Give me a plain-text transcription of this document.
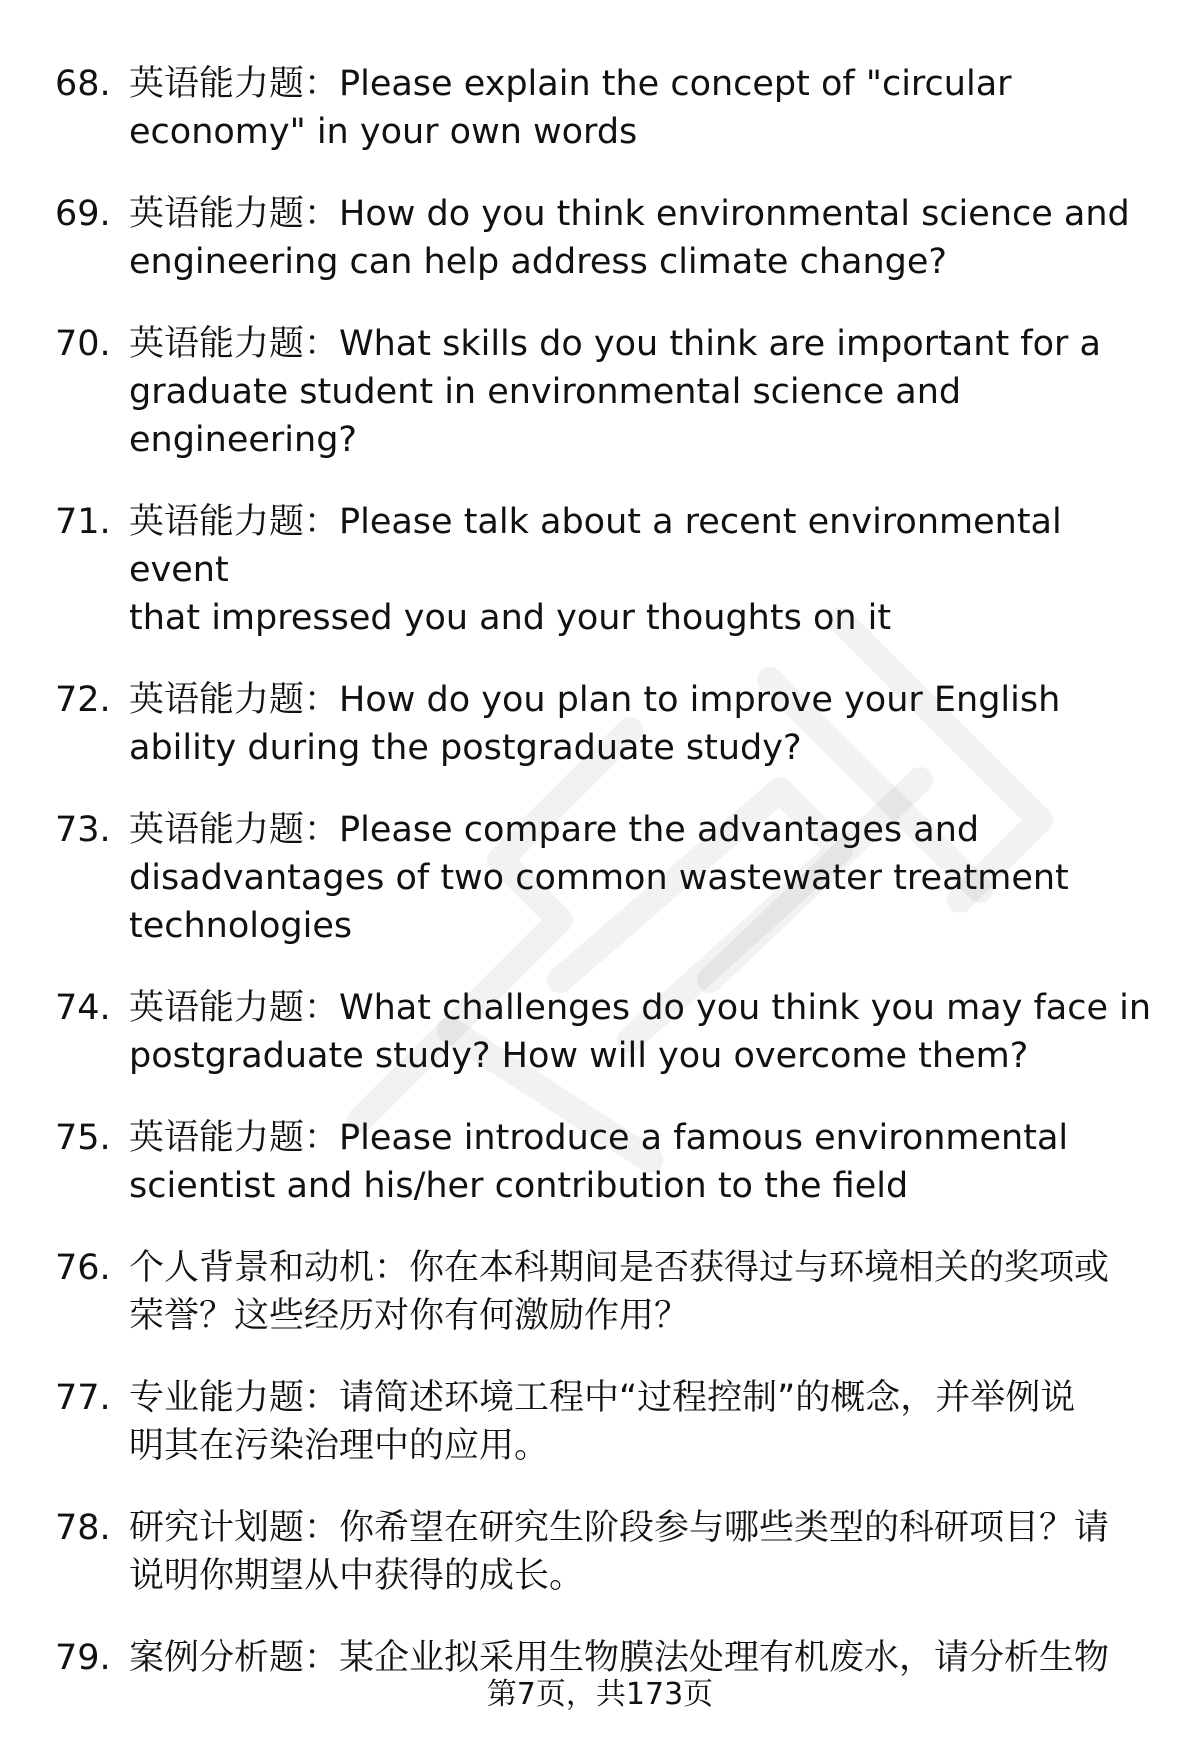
68. 英语能力题：Please explain the concept of "circular
economy" in your own words
69. 英语能力题：How do you think environmental science and
engineering can help address climate change?
70. 英语能力题：What skills do you think are important for a
graduate student in environmental science and
engineering?
71. 英语能力题：Please talk about a recent environmental event
that impressed you and your thoughts on it
72. 英语能力题：How do you plan to improve your English
ability during the postgraduate study?
73. 英语能力题：Please compare the advantages and
disadvantages of two common wastewater treatment
technologies
74. 英语能力题：What challenges do you think you may face in
postgraduate study? How will you overcome them?
75. 英语能力题：Please introduce a famous environmental
scientist and his/her contribution to the field
76. 个人背景和动机：你在本科期间是否获得过与环境相关的奖项或
荣誉？这些经历对你有何激励作用？
77. 专业能力题：请简述环境工程中“过程控制”的概念，并举例说
明其在污染治理中的应用。
78. 研究计划题：你希望在研究生阶段参与哪些类型的科研项目？请
说明你期望从中获得的成长。
79. 案例分析题：某企业拟采用生物膜法处理有机废水，请分析生物
第7页，共173页
